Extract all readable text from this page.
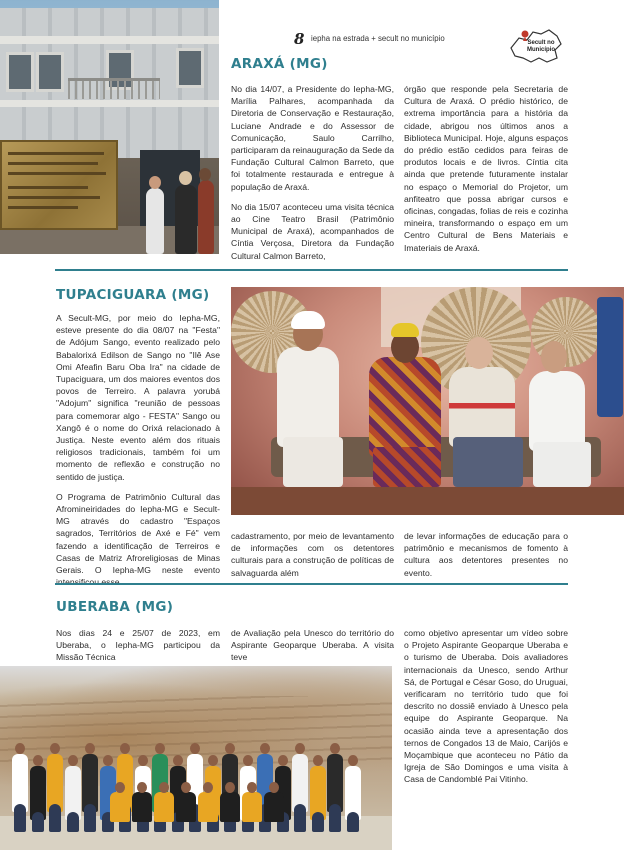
8 iepha na estrada + secult no município	Secult no Município
ARAXÁ (MG)

No dia 14/07, a Presidente do Iepha-MG, Marília Palhares, acompanhada da Diretoria de Conservação e Restauração, Luciane Andrade e do Assessor de Comunicação, Saulo Carrilho, participaram da reinauguração da Sede da Fundação Cultural Calmon Barreto, que foi totalmente restaurada e entregue à população de Araxá.

No dia 15/07 aconteceu uma visita técnica ao Cine Teatro Brasil (Patrimônio Municipal de Araxá), acompanhados de Cíntia Verçosa, Diretora da Fundação Cultural Calmon Barreto,

órgão que responde pela Secretaria de Cultura de Araxá. O prédio histórico, de extrema importância para a história da cidade, abrigou nos últimos anos a Biblioteca Municipal. Hoje, alguns espaços do prédio estão cedidos para feiras de produtos locais e de livros. Cíntia cita ainda que pretende futuramente instalar no espaço o Memorial do Projetor, um anfiteatro que possa abrigar cursos e oficinas, congadas, folias de reis e cozinha mineira, transformando o espaço em um Centro Cultural de Bens Materiais e Imateriais de Araxá.

TUPACIGUARA (MG)

A Secult-MG, por meio do Iepha-MG, esteve presente do dia 08/07 na "Festa" de Adójum Sango, evento realizado pelo Babalorixá Edilson de Sango no "Ilê Ase Omi Afeafin Baru Oba Ira" na cidade de Tupaciguara, um dos maiores eventos dos povos de Terreiro. A palavra yorubá "Adojum" significa "reunião de pessoas para comemorar algo - FESTA" Sango ou Xangô é o nome do Orixá relacionado à Justiça. Neste evento além dos rituais religiosos tradicionais, também foi um momento de reflexão e construção no sentido de justiça.

O Programa de Patrimônio Cultural das Afromineiridades do Iepha-MG e Secult-MG através do cadastro "Espaços sagrados, Territórios de Axé e Fé" vem fazendo a identificação de Terreiros e Casas de Matriz Afroreligiosas de Minas Gerais. O Iepha-MG neste evento

cadastramento, por meio de levantamento de informações com os detentores culturais para a construção de políticas de salvaguarda além

de levar informações de educação para o patrimônio e mecanismos de fomento à cultura aos detentores presentes no evento.

UBERABA (MG)

Nos dias 24 e 25/07 de 2023, em Uberaba, o Iepha-MG participou da Missão Técnica

de Avaliação pela Unesco do território do Aspirante Geoparque Uberaba. A visita teve

como objetivo apresentar um vídeo sobre o Projeto Aspirante Geoparque Uberaba e o turismo de Uberaba. Dois avaliadores internacionais da Unesco, sendo Arthur Sá, de Portugal e César Goso, do Uruguai, verificaram no território tudo que foi descrito no dossiê enviado à Unesco pela equipe do Aspirante Geoparque. Na ocasião ainda teve a apresentação dos ternos de Congados 13 de Maio, Carijós e Moçambique que aconteceu no Pátio da Igreja de São Domingos e uma visita à Casa de Candomblé Pai Vitinho.
